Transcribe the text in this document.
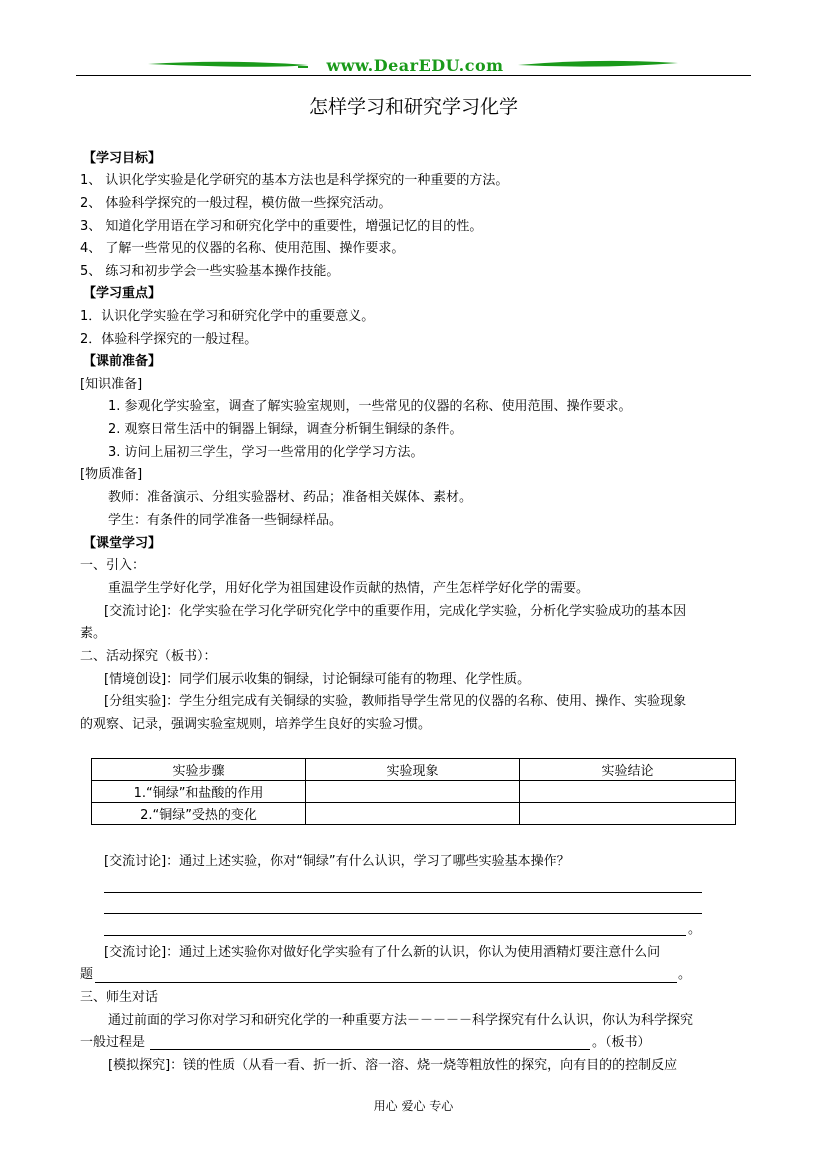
www.DearEDU.com
怎样学习和研究学习化学
【学习目标】
1、 认识化学实验是化学研究的基本方法也是科学探究的一种重要的方法。
2、 体验科学探究的一般过程，模仿做一些探究活动。
3、 知道化学用语在学习和研究化学中的重要性，增强记忆的目的性。
4、 了解一些常见的仪器的名称、使用范围、操作要求。
5、 练习和初步学会一些实验基本操作技能。
【学习重点】
1．认识化学实验在学习和研究化学中的重要意义。
2．体验科学探究的一般过程。
【课前准备】
[知识准备]
1. 参观化学实验室，调查了解实验室规则，一些常见的仪器的名称、使用范围、操作要求。
2. 观察日常生活中的铜器上铜绿，调查分析铜生铜绿的条件。
3. 访问上届初三学生，学习一些常用的化学学习方法。
[物质准备]
教师：准备演示、分组实验器材、药品；准备相关媒体、素材。
学生：有条件的同学准备一些铜绿样品。
【课堂学习】
一、引入：
重温学生学好化学，用好化学为祖国建设作贡献的热情，产生怎样学好化学的需要。
[交流讨论]：化学实验在学习化学研究化学中的重要作用，完成化学实验，分析化学实验成功的基本因
素。
二、活动探究（板书）：
[情境创设]：同学们展示收集的铜绿，讨论铜绿可能有的物理、化学性质。
[分组实验]：学生分组完成有关铜绿的实验，教师指导学生常见的仪器的名称、使用、操作、实验现象
的观察、记录，强调实验室规则，培养学生良好的实验习惯。
实验步骤	实验现象	实验结论
1.“铜绿”和盐酸的作用		
2.“铜绿”受热的变化		
[交流讨论]：通过上述实验，你对“铜绿”有什么认识，学习了哪些实验基本操作？
。
[交流讨论]：通过上述实验你对做好化学实验有了什么新的认识，你认为使用酒精灯要注意什么问
题	。
三、师生对话
通过前面的学习你对学习和研究化学的一种重要方法－－－－－科学探究有什么认识，你认为科学探究
一般过程是	。（板书）
[模拟探究]：镁的性质（从看一看、折一折、溶一溶、烧一烧等粗放性的探究，向有目的的控制反应
用心 爱心 专心
